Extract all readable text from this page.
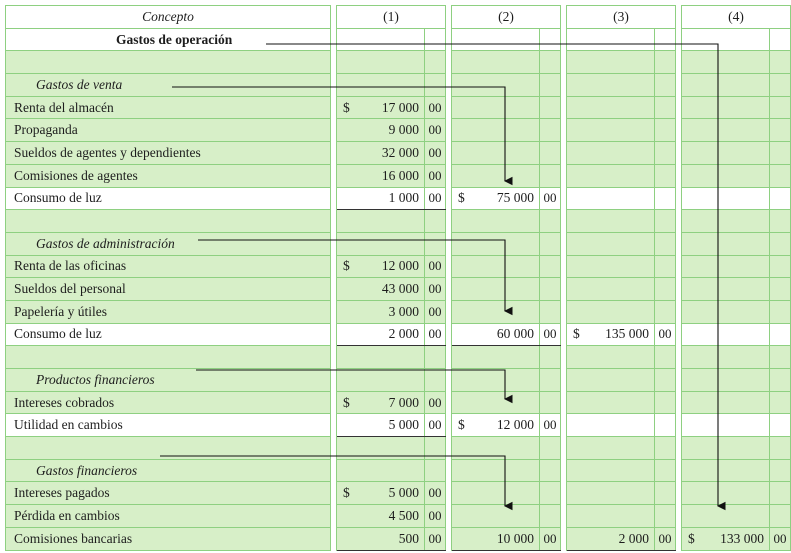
Concepto		(1)			(2)			(3)			(4)	
Gastos de operación												

Gastos de venta												
Renta del almacén		$ 17 000	00									
Propaganda		9 000	00									
Sueldos de agentes y dependientes		32 000	00									
Comisiones de agentes		16 000	00									
Consumo de luz		1 000	00		$ 75 000	00						

Gastos de administración												
Renta de las oficinas		$ 12 000	00									
Sueldos del personal		43 000	00									
Papelería y útiles		3 000	00									
Consumo de luz		2 000	00		60 000	00		$ 135 000	00			

Productos financieros												
Intereses cobrados		$ 7 000	00									
Utilidad en cambios		5 000	00		$ 12 000	00						

Gastos financieros												
Intereses pagados		$ 5 000	00									
Pérdida en cambios		4 500	00									
Comisiones bancarias		500	00		10 000	00		2 000	00		$ 133 000	00
